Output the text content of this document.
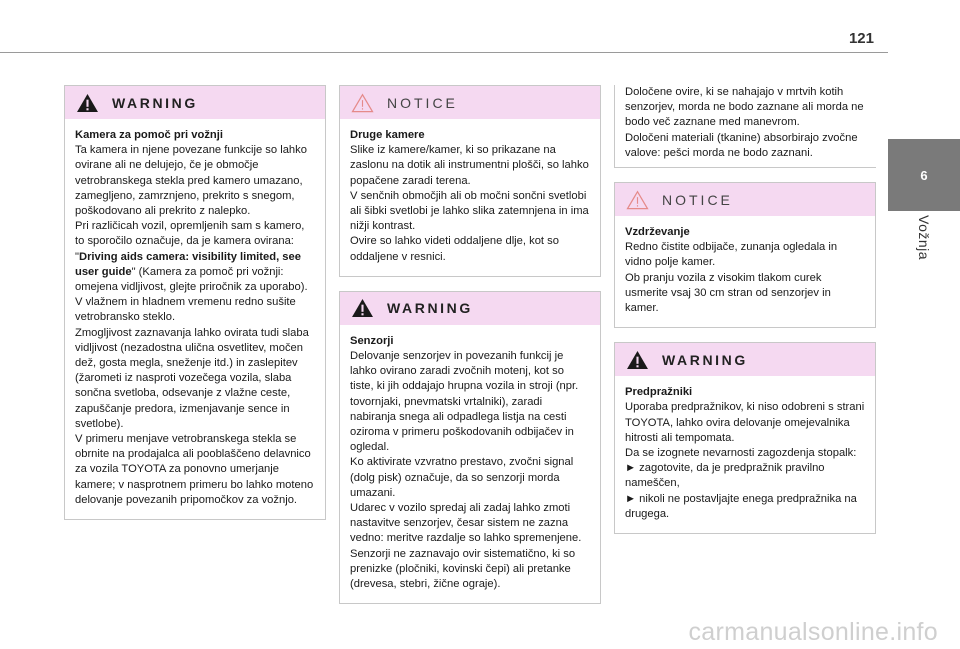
121
6
Vožnja
WARNING

Kamera za pomoč pri vožnji

Ta kamera in njene povezane funkcije so lahko ovirane ali ne delujejo, če je območje vetrobranskega stekla pred kamero umazano, zamegljeno, zamrznjeno, prekrito s snegom, poškodovano ali prekrito z nalepko.

Pri različicah vozil, opremljenih sam s kamero, to sporočilo označuje, da je kamera ovirana: "Driving aids camera: visibility limited, see user guide" (Kamera za pomoč pri vožnji: omejena vidljivost, glejte priročnik za uporabo).

V vlažnem in hladnem vremenu redno sušite vetrobransko steklo.

Zmogljivost zaznavanja lahko ovirata tudi slaba vidljivost (nezadostna ulična osvetlitev, močen dež, gosta megla, sneženje itd.) in zaslepitev (žarometi iz nasproti vozečega vozila, slaba sončna svetloba, odsevanje z vlažne ceste, zapuščanje predora, izmenjavanje sence in svetlobe).

V primeru menjave vetrobranskega stekla se obrnite na prodajalca ali pooblaščeno delavnico za vozila TOYOTA za ponovno umerjanje kamere; v nasprotnem primeru bo lahko moteno delovanje povezanih pripomočkov za vožnjo.

NOTICE

Druge kamere

Slike iz kamere/kamer, ki so prikazane na zaslonu na dotik ali instrumentni plošči, so lahko popačene zaradi terena.

V senčnih območjih ali ob močni sončni svetlobi ali šibki svetlobi je lahko slika zatemnjena in ima nižji kontrast.

Ovire so lahko videti oddaljene dlje, kot so oddaljene v resnici.

WARNING

Senzorji

Delovanje senzorjev in povezanih funkcij je lahko ovirano zaradi zvočnih motenj, kot so tiste, ki jih oddajajo hrupna vozila in stroji (npr. tovornjaki, pnevmatski vrtalniki), zaradi nabiranja snega ali odpadlega listja na cesti oziroma v primeru poškodovanih odbijačev in ogledal.

Ko aktivirate vzvratno prestavo, zvočni signal (dolg pisk) označuje, da so senzorji morda umazani.

Udarec v vozilo spredaj ali zadaj lahko zmoti nastavitve senzorjev, česar sistem ne zazna vedno: meritve razdalje so lahko spremenjene.

Senzorji ne zaznavajo ovir sistematično, ki so prenizke (pločniki, kovinski čepi) ali pretanke (drevesa, stebri, žične ograje).

Določene ovire, ki se nahajajo v mrtvih kotih senzorjev, morda ne bodo zaznane ali morda ne bodo več zaznane med manevrom.

Določeni materiali (tkanine) absorbirajo zvočne valove: pešci morda ne bodo zaznani.

NOTICE

Vzdrževanje

Redno čistite odbijače, zunanja ogledala in vidno polje kamer.

Ob pranju vozila z visokim tlakom curek usmerite vsaj 30 cm stran od senzorjev in kamer.

WARNING

Predpražniki

Uporaba predpražnikov, ki niso odobreni s strani TOYOTA, lahko ovira delovanje omejevalnika hitrosti ali tempomata.

Da se izognete nevarnosti zagozdenja stopalk:

► zagotovite, da je predpražnik pravilno nameščen,

► nikoli ne postavljajte enega predpražnika na drugega.

carmanualsonline.info
